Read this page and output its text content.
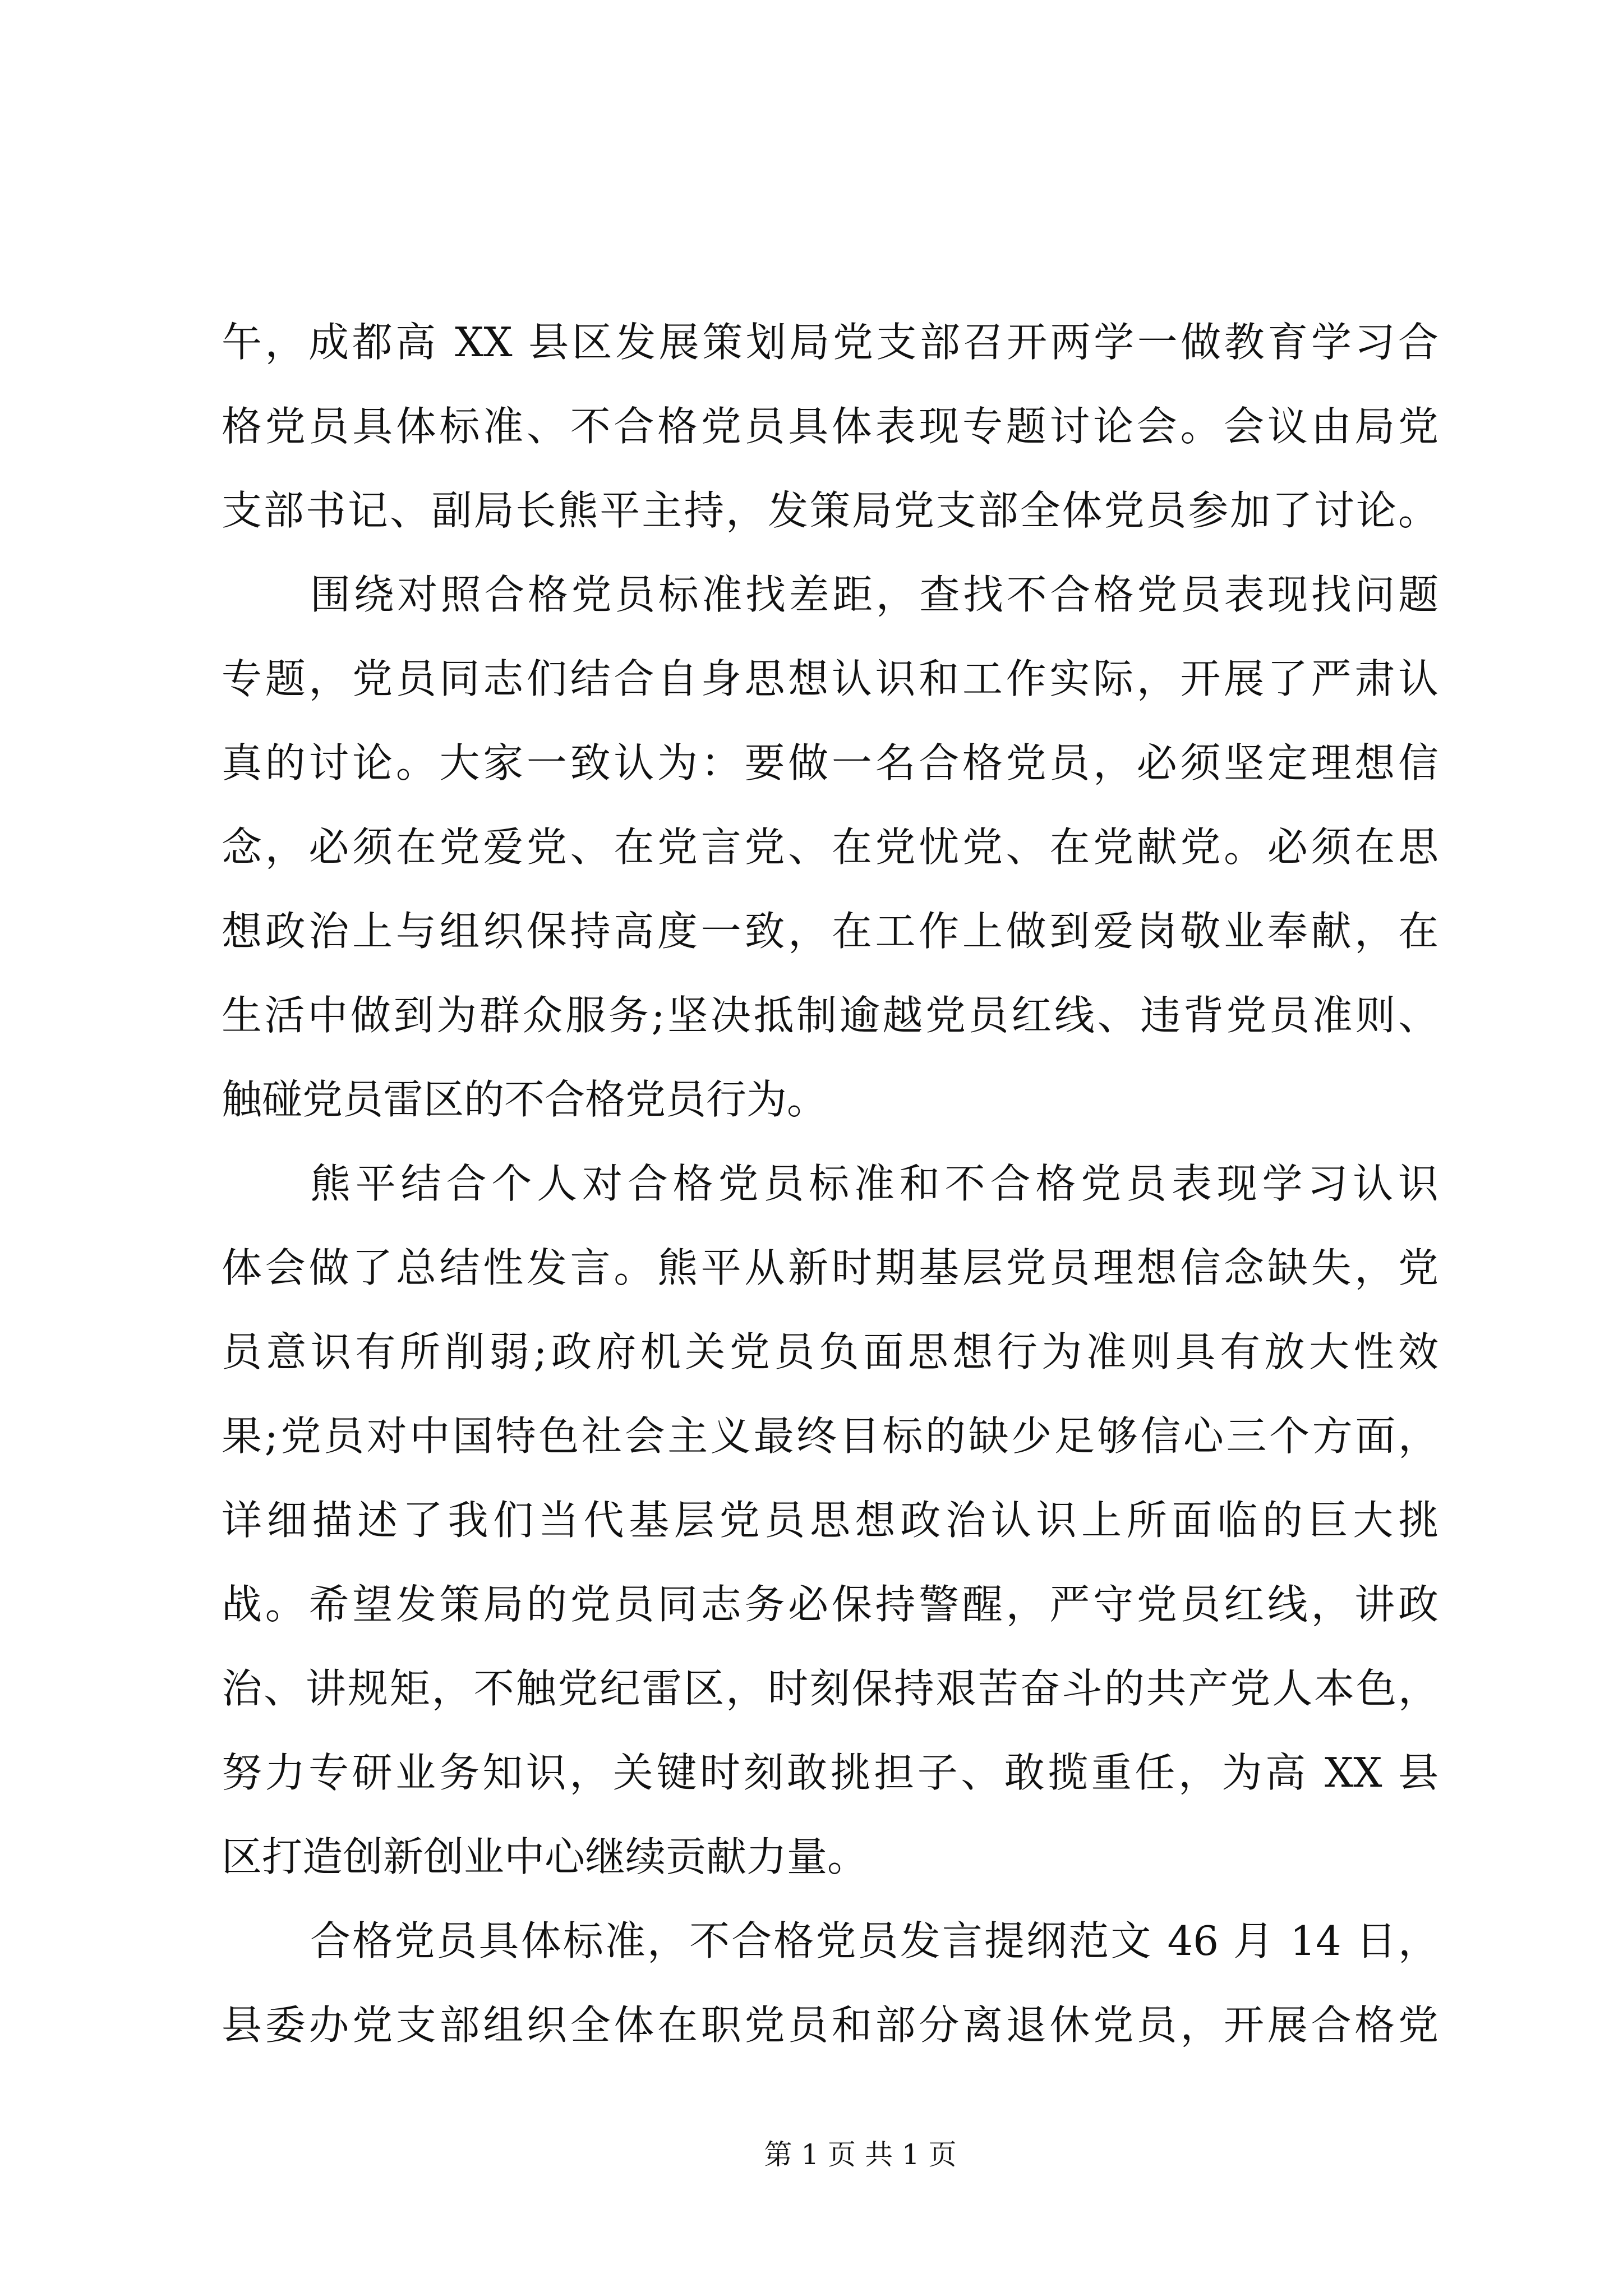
午，成都高 XX 县区发展策划局党支部召开两学一做教育学习合
格党员具体标准、不合格党员具体表现专题讨论会。会议由局党
支部书记、副局长熊平主持，发策局党支部全体党员参加了讨论。
围绕对照合格党员标准找差距，查找不合格党员表现找问题
专题，党员同志们结合自身思想认识和工作实际，开展了严肃认
真的讨论。大家一致认为：要做一名合格党员，必须坚定理想信
念，必须在党爱党、在党言党、在党忧党、在党献党。必须在思
想政治上与组织保持高度一致，在工作上做到爱岗敬业奉献，在
生活中做到为群众服务;坚决抵制逾越党员红线、违背党员准则、
触碰党员雷区的不合格党员行为。
熊平结合个人对合格党员标准和不合格党员表现学习认识
体会做了总结性发言。熊平从新时期基层党员理想信念缺失，党
员意识有所削弱;政府机关党员负面思想行为准则具有放大性效
果;党员对中国特色社会主义最终目标的缺少足够信心三个方面，
详细描述了我们当代基层党员思想政治认识上所面临的巨大挑
战。希望发策局的党员同志务必保持警醒，严守党员红线，讲政
治、讲规矩，不触党纪雷区，时刻保持艰苦奋斗的共产党人本色，
努力专研业务知识，关键时刻敢挑担子、敢揽重任，为高 XX 县
区打造创新创业中心继续贡献力量。
合格党员具体标准，不合格党员发言提纲范文 46 月 14 日，
县委办党支部组织全体在职党员和部分离退休党员，开展合格党
第 1 页 共 1 页
